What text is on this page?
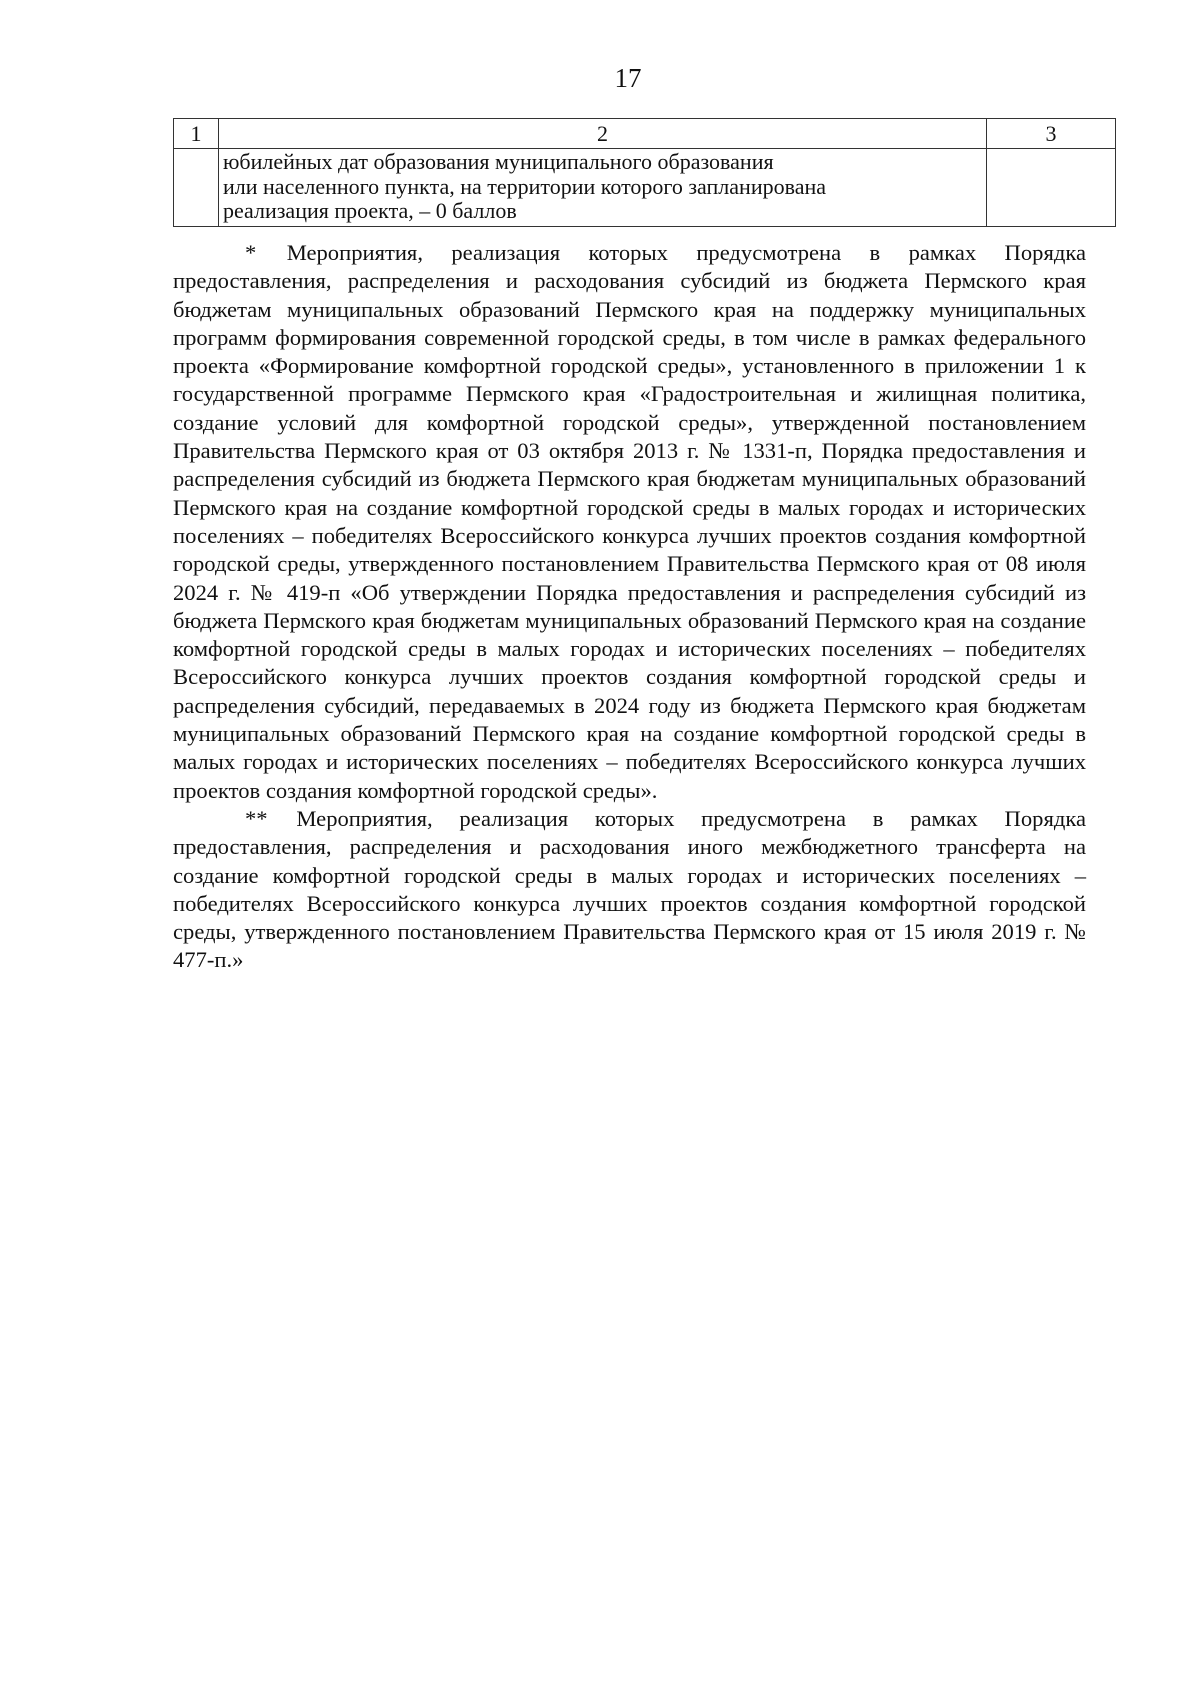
17
1	2	3

	юбилейных дат образования муниципального образования
или населенного пункта, на территории которого запланирована
реализация проекта, – 0 баллов	

* Мероприятия, реализация которых предусмотрена в рамках Порядка предоставления, распределения и расходования субсидий из бюджета Пермского края бюджетам муниципальных образований Пермского края на поддержку муниципальных программ формирования современной городской среды, в том числе в рамках федерального проекта «Формирование комфортной городской среды», установленного в приложении 1 к государственной программе Пермского края «Градостроительная и жилищная политика, создание условий для комфортной городской среды», утвержденной постановлением Правительства Пермского края от 03 октября 2013 г. № 1331-п, Порядка предоставления и распределения субсидий из бюджета Пермского края бюджетам муниципальных образований Пермского края на создание комфортной городской среды в малых городах и исторических поселениях – победителях Всероссийского конкурса лучших проектов создания комфортной городской среды, утвержденного постановлением Правительства Пермского края от 08 июля 2024 г. № 419-п «Об утверждении Порядка предоставления и распределения субсидий из бюджета Пермского края бюджетам муниципальных образований Пермского края на создание комфортной городской среды в малых городах и исторических поселениях – победителях Всероссийского конкурса лучших проектов создания комфортной городской среды и распределения субсидий, передаваемых в 2024 году из бюджета Пермского края бюджетам муниципальных образований Пермского края на создание комфортной городской среды в малых городах и исторических поселениях – победителях Всероссийского конкурса лучших проектов создания комфортной городской среды».

** Мероприятия, реализация которых предусмотрена в рамках Порядка предоставления, распределения и расходования иного межбюджетного трансферта на создание комфортной городской среды в малых городах и исторических поселениях – победителях Всероссийского конкурса лучших проектов создания комфортной городской среды, утвержденного постановлением Правительства Пермского края от 15 июля 2019 г. № 477-п.»
